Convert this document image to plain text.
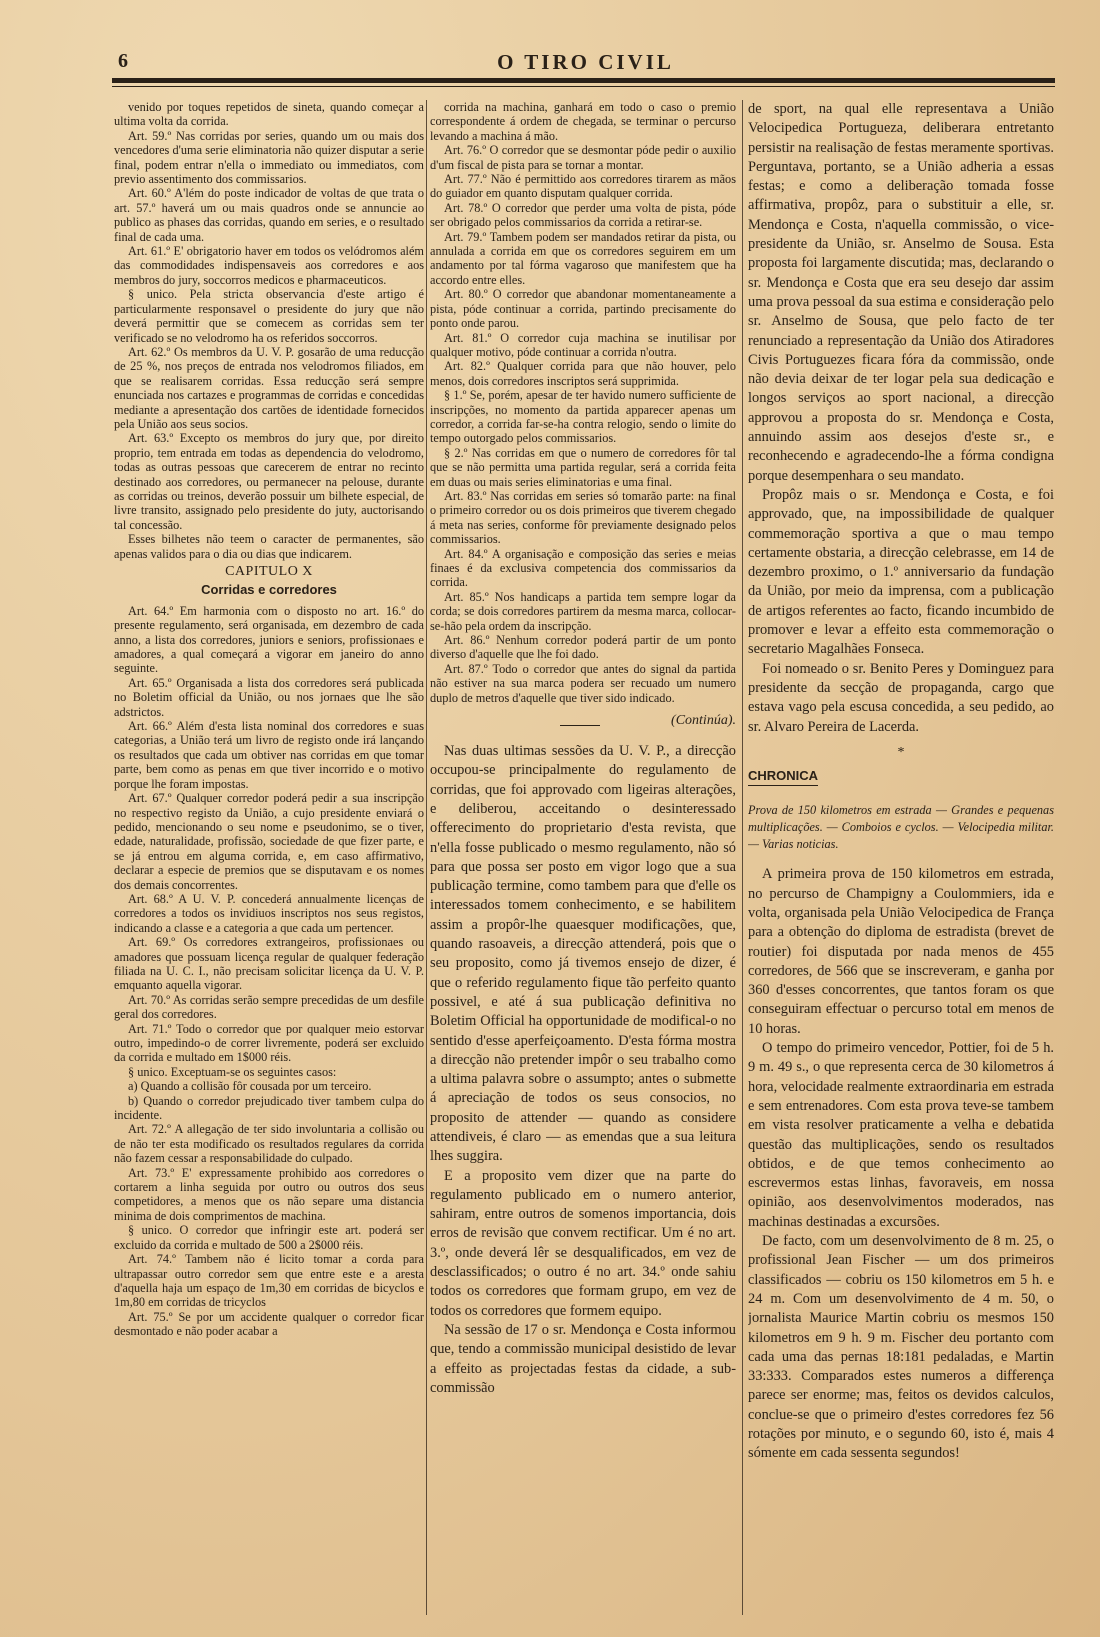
6	O TIRO CIVIL

venido por toques repetidos de sineta, quando começar a ultima volta da corrida.

Art. 59.º Nas corridas por series, quando um ou mais dos vencedores d'uma serie eliminatoria não quizer disputar a serie final, podem entrar n'ella o immediato ou immediatos, com previo assentimento dos commissarios.

Art. 60.º A'lém do poste indicador de voltas de que trata o art. 57.º haverá um ou mais quadros onde se annuncie ao publico as phases das corridas, quando em series, e o resultado final de cada uma.

Art. 61.º E' obrigatorio haver em todos os velódromos além das commodidades indispensaveis aos corredores e aos membros do jury, soccorros medicos e pharmaceuticos.

§ unico. Pela stricta observancia d'este artigo é particularmente responsavel o presidente do jury que não deverá permittir que se comecem as corridas sem ter verificado se no velodromo ha os referidos soccorros.

Art. 62.º Os membros da U. V. P. gosarão de uma reducção de 25 %, nos preços de entrada nos velodromos filiados, em que se realisarem corridas. Essa reducção será sempre enunciada nos cartazes e programmas de corridas e concedidas mediante a apresentação dos cartões de identidade fornecidos pela União aos seus socios.

Art. 63.º Excepto os membros do jury que, por direito proprio, tem entrada em todas as dependencia do velodromo, todas as outras pessoas que carecerem de entrar no recinto destinado aos corredores, ou permanecer na pelouse, durante as corridas ou treinos, deverão possuir um bilhete especial, de livre transito, assignado pelo presidente do juty, auctorisando tal concessão.

Esses bilhetes não teem o caracter de permanentes, são apenas validos para o dia ou dias que indicarem.

CAPITULO X
Corridas e corredores

Art. 64.º Em harmonia com o disposto no art. 16.º do presente regulamento, será organisada, em dezembro de cada anno, a lista dos corredores, juniors e seniors, profissionaes e amadores, a qual começará a vigorar em janeiro do anno seguinte.

Art. 65.º Organisada a lista dos corredores será publicada no Boletim official da União, ou nos jornaes que lhe são adstrictos.

Art. 66.º Além d'esta lista nominal dos corredores e suas categorias, a União terá um livro de registo onde irá lançando os resultados que cada um obtiver nas corridas em que tomar parte, bem como as penas em que tiver incorrido e o motivo porque lhe foram impostas.

Art. 67.º Qualquer corredor poderá pedir a sua inscripção no respectivo registo da União, a cujo presidente enviará o pedido, mencionando o seu nome e pseudonimo, se o tiver, edade, naturalidade, profissão, sociedade de que fizer parte, e se já entrou em alguma corrida, e, em caso affirmativo, declarar a especie de premios que se disputavam e os nomes dos demais concorrentes.

Art. 68.º A U. V. P. concederá annualmente licenças de corredores a todos os invidiuos inscriptos nos seus registos, indicando a classe e a categoria a que cada um pertencer.

Art. 69.º Os corredores extrangeiros, profissionaes ou amadores que possuam licença regular de qualquer federação filiada na U. C. I., não precisam solicitar licença da U. V. P. emquanto aquella vigorar.

Art. 70.º As corridas serão sempre precedidas de um desfile geral dos corredores.

Art. 71.º Todo o corredor que por qualquer meio estorvar outro, impedindo-o de correr livremente, poderá ser excluido da corrida e multado em 1$000 réis.

§ unico. Exceptuam-se os seguintes casos:

a) Quando a collisão fôr cousada por um terceiro.

b) Quando o corredor prejudicado tiver tambem culpa do incidente.

Art. 72.º A allegação de ter sido involuntaria a collisão ou de não ter esta modificado os resultados regulares da corrida não fazem cessar a responsabilidade do culpado.

Art. 73.º E' expressamente prohibido aos corredores o cortarem a linha seguida por outro ou outros dos seus competidores, a menos que os não separe uma distancia minima de dois comprimentos de machina.

§ unico. O corredor que infringir este art. poderá ser excluido da corrida e multado de 500 a 2$000 réis.

Art. 74.º Tambem não é licito tomar a corda para ultrapassar outro corredor sem que entre este e a aresta d'aquella haja um espaço de 1m,30 em corridas de bicyclos e 1m,80 em corridas de tricyclos

Art. 75.º Se por um accidente qualquer o corredor ficar desmontado e não poder acabar a

corrida na machina, ganhará em todo o caso o premio correspondente á ordem de chegada, se terminar o percurso levando a machina á mão.

Art. 76.º O corredor que se desmontar póde pedir o auxilio d'um fiscal de pista para se tornar a montar.

Art. 77.º Não é permittido aos corredores tirarem as mãos do guiador em quanto disputam qualquer corrida.

Art. 78.º O corredor que perder uma volta de pista, póde ser obrigado pelos commissarios da corrida a retirar-se.

Art. 79.º Tambem podem ser mandados retirar da pista, ou annulada a corrida em que os corredores seguirem em um andamento por tal fórma vagaroso que manifestem que ha accordo entre elles.

Art. 80.º O corredor que abandonar momentaneamente a pista, póde continuar a corrida, partindo precisamente do ponto onde parou.

Art. 81.º O corredor cuja machina se inutilisar por qualquer motivo, póde continuar a corrida n'outra.

Art. 82.º Qualquer corrida para que não houver, pelo menos, dois corredores inscriptos será supprimida.

§ 1.º Se, porém, apesar de ter havido numero sufficiente de inscripções, no momento da partida apparecer apenas um corredor, a corrida far-se-ha contra relogio, sendo o limite do tempo outorgado pelos commissarios.

§ 2.º Nas corridas em que o numero de corredores fôr tal que se não permitta uma partida regular, será a corrida feita em duas ou mais series eliminatorias e uma final.

Art. 83.º Nas corridas em series só tomarão parte: na final o primeiro corredor ou os dois primeiros que tiverem chegado á meta nas series, conforme fôr previamente designado pelos commissarios.

Art. 84.º A organisação e composição das series e meias finaes é da exclusiva competencia dos commissarios da corrida.

Art. 85.º Nos handicaps a partida tem sempre logar da corda; se dois corredores partirem da mesma marca, collocar-se-hão pela ordem da inscripção.

Art. 86.º Nenhum corredor poderá partir de um ponto diverso d'aquelle que lhe foi dado.

Art. 87.º Todo o corredor que antes do signal da partida não estiver na sua marca podera ser recuado um numero duplo de metros d'aquelle que tiver sido indicado.

(Continúa).

Nas duas ultimas sessões da U. V. P., a direcção occupou-se principalmente do regulamento de corridas, que foi approvado com ligeiras alterações, e deliberou, acceitando o desinteressado offerecimento do proprietario d'esta revista, que n'ella fosse publicado o mesmo regulamento, não só para que possa ser posto em vigor logo que a sua publicação termine, como tambem para que d'elle os interessados tomem conhecimento, e se habilitem assim a propôr-lhe quaesquer modificações, que, quando rasoaveis, a direcção attenderá, pois que o seu proposito, como já tivemos ensejo de dizer, é que o referido regulamento fique tão perfeito quanto possivel, e até á sua publicação definitiva no Boletim Official ha opportunidade de modifical-o no sentido d'esse aperfeiçoamento. D'esta fórma mostra a direcção não pretender impôr o seu trabalho como a ultima palavra sobre o assumpto; antes o submette á apreciação de todos os seus consocios, no proposito de attender — quando as considere attendiveis, é claro — as emendas que a sua leitura lhes suggira.

E a proposito vem dizer que na parte do regulamento publicado em o numero anterior, sahiram, entre outros de somenos importancia, dois erros de revisão que convem rectificar. Um é no art. 3.º, onde deverá lêr se desqualificados, em vez de desclassificados; o outro é no art. 34.º onde sahiu todos os corredores que formam grupo, em vez de todos os corredores que formem equipo.

Na sessão de 17 o sr. Mendonça e Costa informou que, tendo a commissão municipal desistido de levar a effeito as projectadas festas da cidade, a sub-commissão

de sport, na qual elle representava a União Velocipedica Portugueza, deliberara entretanto persistir na realisação de festas meramente sportivas. Perguntava, portanto, se a União adheria a essas festas; e como a deliberação tomada fosse affirmativa, propôz, para o substituir a elle, sr. Mendonça e Costa, n'aquella commissão, o vice-presidente da União, sr. Anselmo de Sousa. Esta proposta foi largamente discutida; mas, declarando o sr. Mendonça e Costa que era seu desejo dar assim uma prova pessoal da sua estima e consideração pelo sr. Anselmo de Sousa, que pelo facto de ter renunciado a representação da União dos Atiradores Civis Portuguezes ficara fóra da commissão, onde não devia deixar de ter logar pela sua dedicação e longos serviços ao sport nacional, a direcção approvou a proposta do sr. Mendonça e Costa, annuindo assim aos desejos d'este sr., e reconhecendo e agradecendo-lhe a fórma condigna porque desempenhara o seu mandato.

Propôz mais o sr. Mendonça e Costa, e foi approvado, que, na impossibilidade de qualquer commemoração sportiva a que o mau tempo certamente obstaria, a direcção celebrasse, em 14 de dezembro proximo, o 1.º anniversario da fundação da União, por meio da imprensa, com a publicação de artigos referentes ao facto, ficando incumbido de promover e levar a effeito esta commemoração o secretario Magalhães Fonseca.

Foi nomeado o sr. Benito Peres y Dominguez para presidente da secção de propaganda, cargo que estava vago pela escusa concedida, a seu pedido, ao sr. Alvaro Pereira de Lacerda.

*
CHRONICA
Prova de 150 kilometros em estrada — Grandes e pequenas multiplicações. — Comboios e cyclos. — Velocipedia militar. — Varias noticias.

A primeira prova de 150 kilometros em estrada, no percurso de Champigny a Coulommiers, ida e volta, organisada pela União Velocipedica de França para a obtenção do diploma de estradista (brevet de routier) foi disputada por nada menos de 455 corredores, de 566 que se inscreveram, e ganha por 360 d'esses concorrentes, que tantos foram os que conseguiram effectuar o percurso total em menos de 10 horas.

O tempo do primeiro vencedor, Pottier, foi de 5 h. 9 m. 49 s., o que representa cerca de 30 kilometros á hora, velocidade realmente extraordinaria em estrada e sem entrenadores. Com esta prova teve-se tambem em vista resolver praticamente a velha e debatida questão das multiplicações, sendo os resultados obtidos, e de que temos conhecimento ao escrevermos estas linhas, favoraveis, em nossa opinião, aos desenvolvimentos moderados, nas machinas destinadas a excursões.

De facto, com um desenvolvimento de 8 m. 25, o profissional Jean Fischer — um dos primeiros classificados — cobriu os 150 kilometros em 5 h. e 24 m. Com um desenvolvimento de 4 m. 50, o jornalista Maurice Martin cobriu os mesmos 150 kilometros em 9 h. 9 m. Fischer deu portanto com cada uma das pernas 18:181 pedaladas, e Martin 33:333. Comparados estes numeros a differença parece ser enorme; mas, feitos os devidos calculos, conclue-se que o primeiro d'estes corredores fez 56 rotações por minuto, e o segundo 60, isto é, mais 4 sómente em cada sessenta segundos!
